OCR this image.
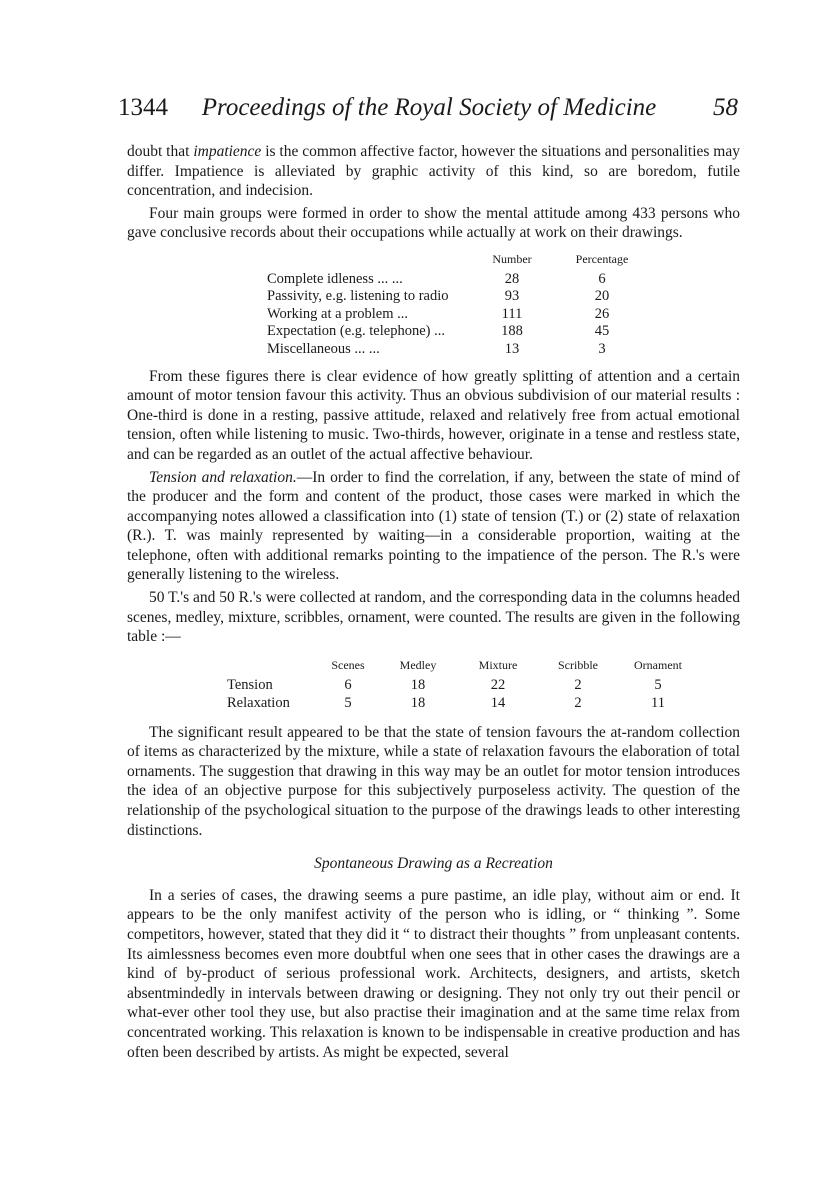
1344	Proceedings of the Royal Society of Medicine	58

doubt that impatience is the common affective factor, however the situations and personalities may differ. Impatience is alleviated by graphic activity of this kind, so are boredom, futile concentration, and indecision.

Four main groups were formed in order to show the mental attitude among 433 persons who gave conclusive records about their occupations while actually at work on their drawings.

	Number	Percentage
Complete idleness ... ...	28	6
Passivity, e.g. listening to radio	93	20
Working at a problem ...	111	26
Expectation (e.g. telephone) ...	188	45
Miscellaneous ... ...	13	3

From these figures there is clear evidence of how greatly splitting of attention and a certain amount of motor tension favour this activity. Thus an obvious subdivision of our material results : One-third is done in a resting, passive attitude, relaxed and relatively free from actual emotional tension, often while listening to music. Two-thirds, however, originate in a tense and restless state, and can be regarded as an outlet of the actual affective behaviour.

Tension and relaxation.—In order to find the correlation, if any, between the state of mind of the producer and the form and content of the product, those cases were marked in which the accompanying notes allowed a classification into (1) state of tension (T.) or (2) state of relaxation (R.). T. was mainly represented by waiting—in a considerable proportion, waiting at the telephone, often with additional remarks pointing to the impatience of the person. The R.'s were generally listening to the wireless.

50 T.'s and 50 R.'s were collected at random, and the corresponding data in the columns headed scenes, medley, mixture, scribbles, ornament, were counted. The results are given in the following table :—

	Scenes	Medley	Mixture	Scribble	Ornament
Tension	6	18	22	2	5
Relaxation	5	18	14	2	11

The significant result appeared to be that the state of tension favours the at-random collection of items as characterized by the mixture, while a state of relaxation favours the elaboration of total ornaments. The suggestion that drawing in this way may be an outlet for motor tension introduces the idea of an objective purpose for this subjectively purposeless activity. The question of the relationship of the psychological situation to the purpose of the drawings leads to other interesting distinctions.

Spontaneous Drawing as a Recreation

In a series of cases, the drawing seems a pure pastime, an idle play, without aim or end. It appears to be the only manifest activity of the person who is idling, or “ thinking ”. Some competitors, however, stated that they did it “ to distract their thoughts ” from unpleasant contents. Its aimlessness becomes even more doubtful when one sees that in other cases the drawings are a kind of by-product of serious professional work. Architects, designers, and artists, sketch absentmindedly in intervals between drawing or designing. They not only try out their pencil or what-ever other tool they use, but also practise their imagination and at the same time relax from concentrated working. This relaxation is known to be indispensable in creative production and has often been described by artists. As might be expected, several
